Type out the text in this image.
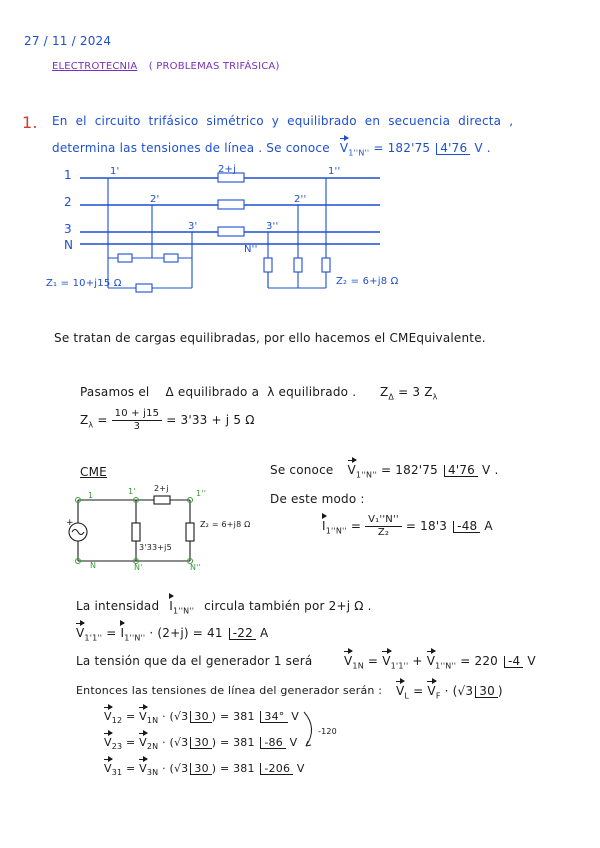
27 / 11 / 2024
ELECTROTECNIA ( PROBLEMAS TRIFÁSICA)
1. En el circuito trifásico simétrico y equilibrado en secuencia directa ,
determina las tensiones de línea . Se conoce $V_{1''N''} = 182'75$ 4'76 V .
1
2
3
N
1'
2'
3'
N''
1''
2''
3''
2+j
Z₁ = 10+j15 Ω	Z₂ = 6+j8 Ω
Se tratan de cargas equilibradas, por ello hacemos el CMEquivalente.
Pasamos el Δ equilibrado a λ equilibrado . $Z_\Delta = 3$ $Z_\lambda$
$Z_\lambda = \frac{10 + j15}{3} = 3'33 + j$ 5 Ω
CME
+
1	1'	1''
N	N'	N''
2+j
3'33+j5
Z₂ = 6+j8 Ω
Se conoce $V_{1''N''} = 182'75$ 4'76 V .
De este modo :
$I_{1''N''} = \frac{\text{V₁''N''}}{\text{Z₂}} = 18'3$ -48 A
La intensidad $I_{1''N''}$ circula también por 2+j Ω .
$V_{1'1''} = I_{1''N''} \cdot (2+j) = 41$ -22 A
La tensión que da el generador 1 será	$V_{1N} = V_{1'1''} + V_{1''N''} = 220$ -4 V
Entonces las tensiones de línea del generador serán : $V_L = V_F \cdot (√3$ 30 )
$V_{12} = V_{1N} \cdot (√3$ 30 ) = 381 34° V
$V_{23} = V_{2N} \cdot (√3$ 30 ) = 381 -86 V
$V_{31} = V_{3N} \cdot (√3$ 30 ) = 381 -206 V
-120
